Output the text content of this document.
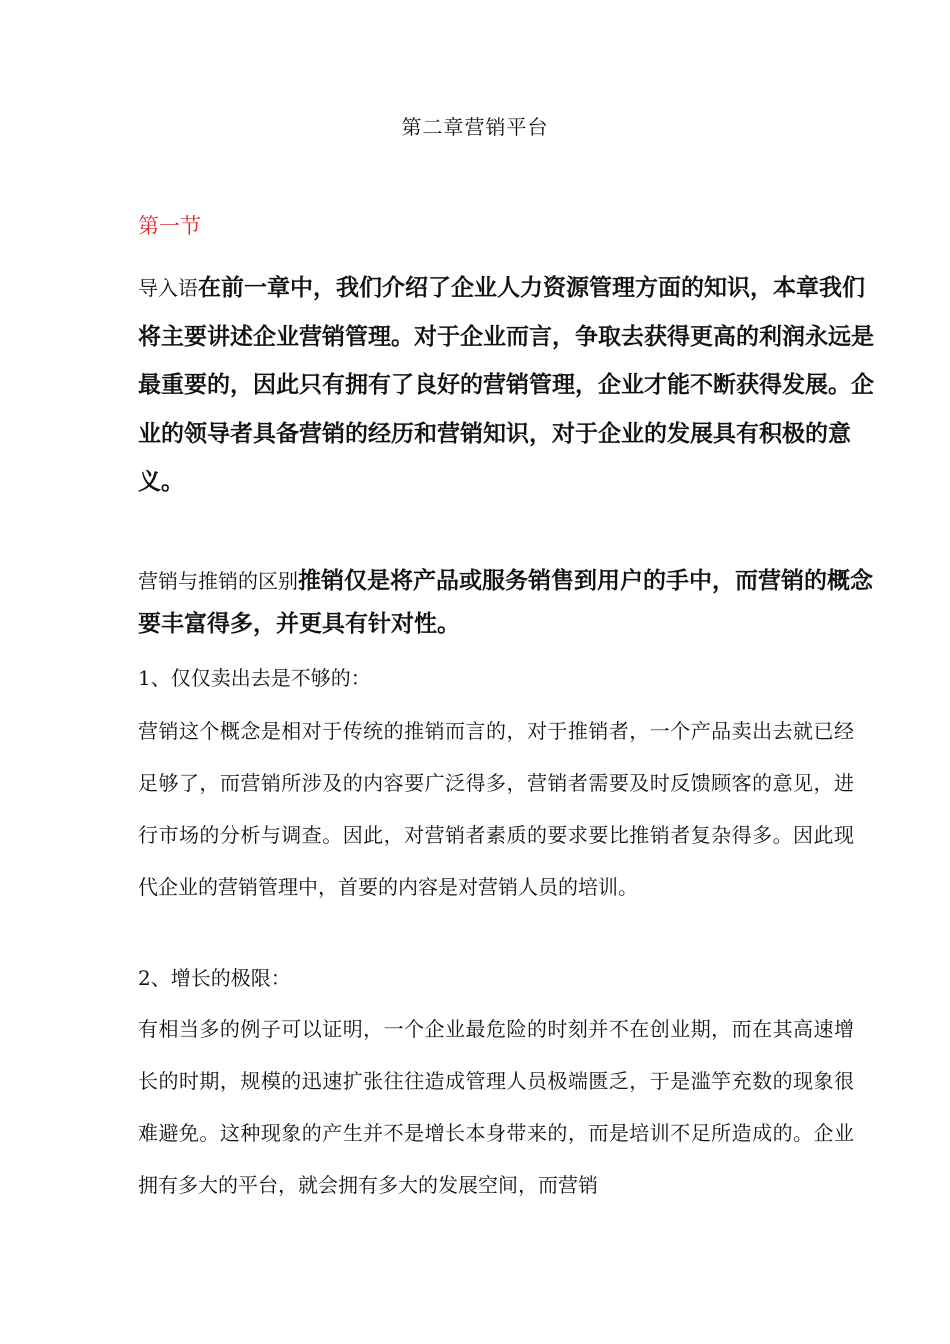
第二章营销平台
第一节

导入语在前一章中，我们介绍了企业人力资源管理方面的知识，本章我们将主要讲述企业营销管理。对于企业而言，争取去获得更高的利润永远是最重要的，因此只有拥有了良好的营销管理，企业才能不断获得发展。企业的领导者具备营销的经历和营销知识，对于企业的发展具有积极的意义。

营销与推销的区别推销仅是将产品或服务销售到用户的手中，而营销的概念要丰富得多，并更具有针对性。

1、仅仅卖出去是不够的：

营销这个概念是相对于传统的推销而言的，对于推销者，一个产品卖出去就已经足够了，而营销所涉及的内容要广泛得多，营销者需要及时反馈顾客的意见，进行市场的分析与调查。因此，对营销者素质的要求要比推销者复杂得多。因此现代企业的营销管理中，首要的内容是对营销人员的培训。

2、增长的极限：

有相当多的例子可以证明，一个企业最危险的时刻并不在创业期，而在其高速增长的时期，规模的迅速扩张往往造成管理人员极端匮乏，于是滥竽充数的现象很难避免。这种现象的产生并不是增长本身带来的，而是培训不足所造成的。企业拥有多大的平台，就会拥有多大的发展空间，而营销
